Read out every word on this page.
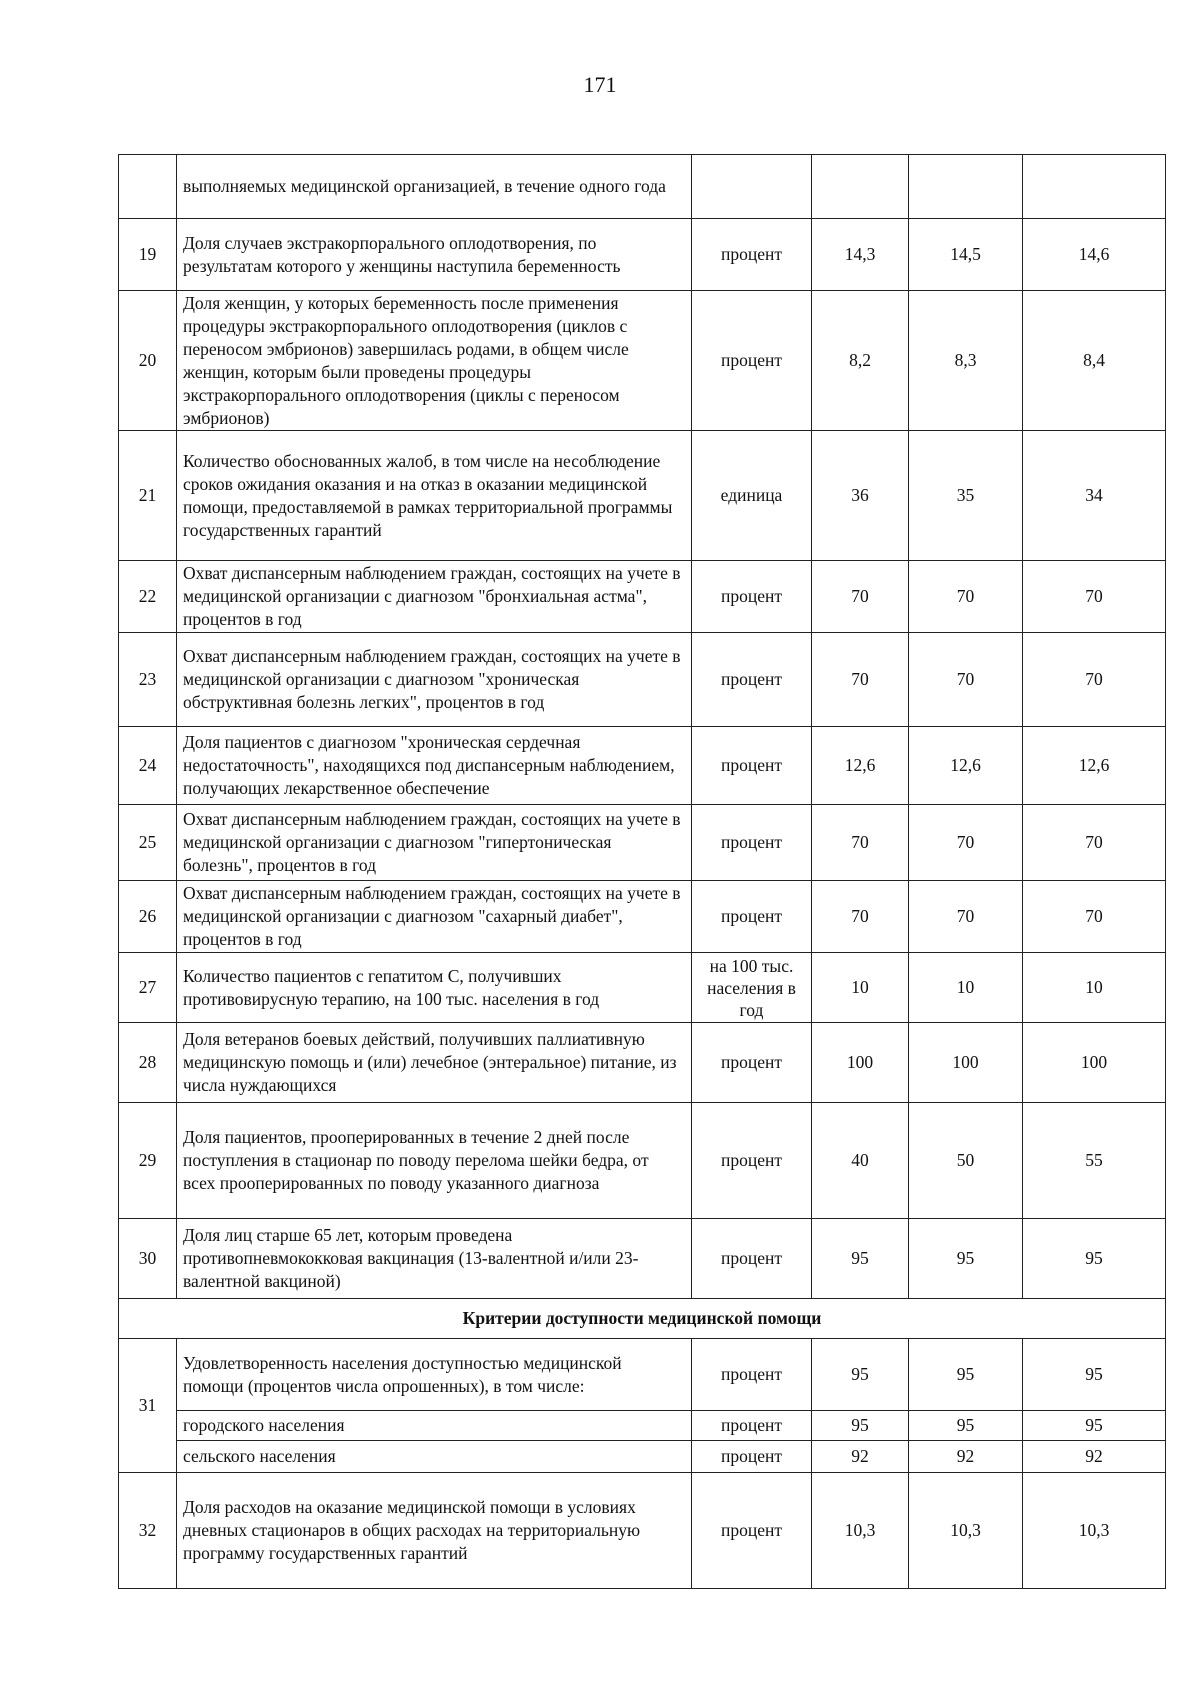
171
	выполняемых медицинской организацией, в течение одного года				
19	Доля случаев экстракорпорального оплодотворения, по результатам которого у женщины наступила беременность	процент	14,3	14,5	14,6
20	Доля женщин, у которых беременность после применения процедуры экстракорпорального оплодотворения (циклов с переносом эмбрионов) завершилась родами, в общем числе женщин, которым были проведены процедуры экстракорпорального оплодотворения (циклы с переносом эмбрионов)	процент	8,2	8,3	8,4
21	Количество обоснованных жалоб, в том числе на несоблюдение сроков ожидания оказания и на отказ в оказании медицинской помощи, предоставляемой в рамках территориальной программы государственных гарантий	единица	36	35	34
22	Охват диспансерным наблюдением граждан, состоящих на учете в медицинской организации с диагнозом "бронхиальная астма", процентов в год	процент	70	70	70
23	Охват диспансерным наблюдением граждан, состоящих на учете в медицинской организации с диагнозом "хроническая обструктивная болезнь легких", процентов в год	процент	70	70	70
24	Доля пациентов с диагнозом "хроническая сердечная недостаточность", находящихся под диспансерным наблюдением, получающих лекарственное обеспечение	процент	12,6	12,6	12,6
25	Охват диспансерным наблюдением граждан, состоящих на учете в медицинской организации с диагнозом "гипертоническая болезнь", процентов в год	процент	70	70	70
26	Охват диспансерным наблюдением граждан, состоящих на учете в медицинской организации с диагнозом "сахарный диабет", процентов в год	процент	70	70	70
27	Количество пациентов с гепатитом С, получивших противовирусную терапию, на 100 тыс. населения в год	на 100 тыс. населения в год	10	10	10
28	Доля ветеранов боевых действий, получивших паллиативную медицинскую помощь и (или) лечебное (энтеральное) питание, из числа нуждающихся	процент	100	100	100
29	Доля пациентов, прооперированных в течение 2 дней после поступления в стационар по поводу перелома шейки бедра, от всех прооперированных по поводу указанного диагноза	процент	40	50	55
30	Доля лиц старше 65 лет, которым проведена противопневмококковая вакцинация (13-валентной и/или 23-валентной вакциной)	процент	95	95	95
Критерии доступности медицинской помощи					
31	Удовлетворенность населения доступностью медицинской помощи (процентов числа опрошенных), в том числе:	процент	95	95	95
	городского населения	процент	95	95	95
	сельского населения	процент	92	92	92
32	Доля расходов на оказание медицинской помощи в условиях дневных стационаров в общих расходах на территориальную программу государственных гарантий	процент	10,3	10,3	10,3
